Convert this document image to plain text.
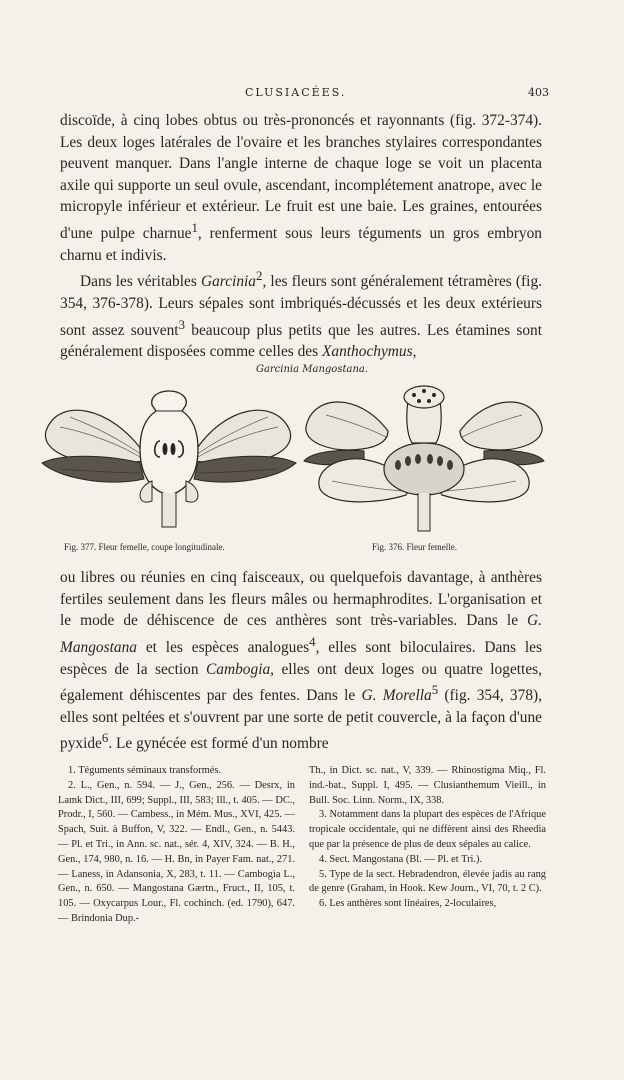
CLUSIACÉES.	403

discoïde, à cinq lobes obtus ou très-prononcés et rayonnants (fig. 372-374). Les deux loges latérales de l'ovaire et les branches stylaires correspondantes peuvent manquer. Dans l'angle interne de chaque loge se voit un placenta axile qui supporte un seul ovule, ascendant, incomplétement anatrope, avec le micropyle inférieur et extérieur. Le fruit est une baie. Les graines, entourées d'une pulpe charnue$^1$, renferment sous leurs téguments un gros embryon charnu et indivis.

Dans les véritables Garcinia$^2$, les fleurs sont généralement tétramères (fig. 354, 376-378). Leurs sépales sont imbriqués-décussés et les deux extérieurs sont assez souvent$^3$ beaucoup plus petits que les autres. Les étamines sont généralement disposées comme celles des Xanthochymus,

Garcinia Mangostana.
Fig. 377. Fleur femelle, coupe longitudinale.	Fig. 376. Fleur femelle.

ou libres ou réunies en cinq faisceaux, ou quelquefois davantage, à anthères fertiles seulement dans les fleurs mâles ou hermaphrodites. L'organisation et le mode de déhiscence de ces anthères sont très-variables. Dans le G. Mangostana et les espèces analogues$^4$, elles sont biloculaires. Dans les espèces de la section Cambogia, elles ont deux loges ou quatre logettes, également déhiscentes par des fentes. Dans le G. Morella$^5$ (fig. 354, 378), elles sont peltées et s'ouvrent par une sorte de petit couvercle, à la façon d'une pyxide$^6$. Le gynécée est formé d'un nombre

1. Téguments séminaux transformés.

2. L., Gen., n. 594. — J., Gen., 256. — Desrx, in Lamk Dict., III, 699; Suppl., III, 583; Ill., t. 405. — DC., Prodr., I, 560. — Cambess., in Mém. Mus., XVI, 425. — Spach, Suit. à Buffon, V, 322. — Endl., Gen., n. 5443. — Pl. et Tri., in Ann. sc. nat., sér. 4, XIV, 324. — B. H., Gen., 174, 980, n. 16. — H. Bn, in Payer Fam. nat., 271. — Laness, in Adansonia, X, 283, t. 11. — Cambogia L., Gen., n. 650. — Mangostana Gærtn., Fruct., II, 105, t. 105. — Oxycarpus Lour., Fl. cochinch. (ed. 1790), 647. — Brindonia Dup.-

Th., in Dict. sc. nat., V, 339. — Rhinostigma Miq., Fl. ind.-bat., Suppl. I, 495. — Clusianthemum Vieill., in Bull. Soc. Linn. Norm., IX, 338.

3. Notamment dans la plupart des espèces de l'Afrique tropicale occidentale, qui ne diffèrent ainsi des Rheedia que par la présence de plus de deux sépales au calice.

4. Sect. Mangostana (Bl. — Pl. et Tri.).

5. Type de la sect. Hebradendron, élevée jadis au rang de genre (Graham, in Hook. Kew Journ., VI, 70, t. 2 C).

6. Les anthères sont linéaires, 2-loculaires,
